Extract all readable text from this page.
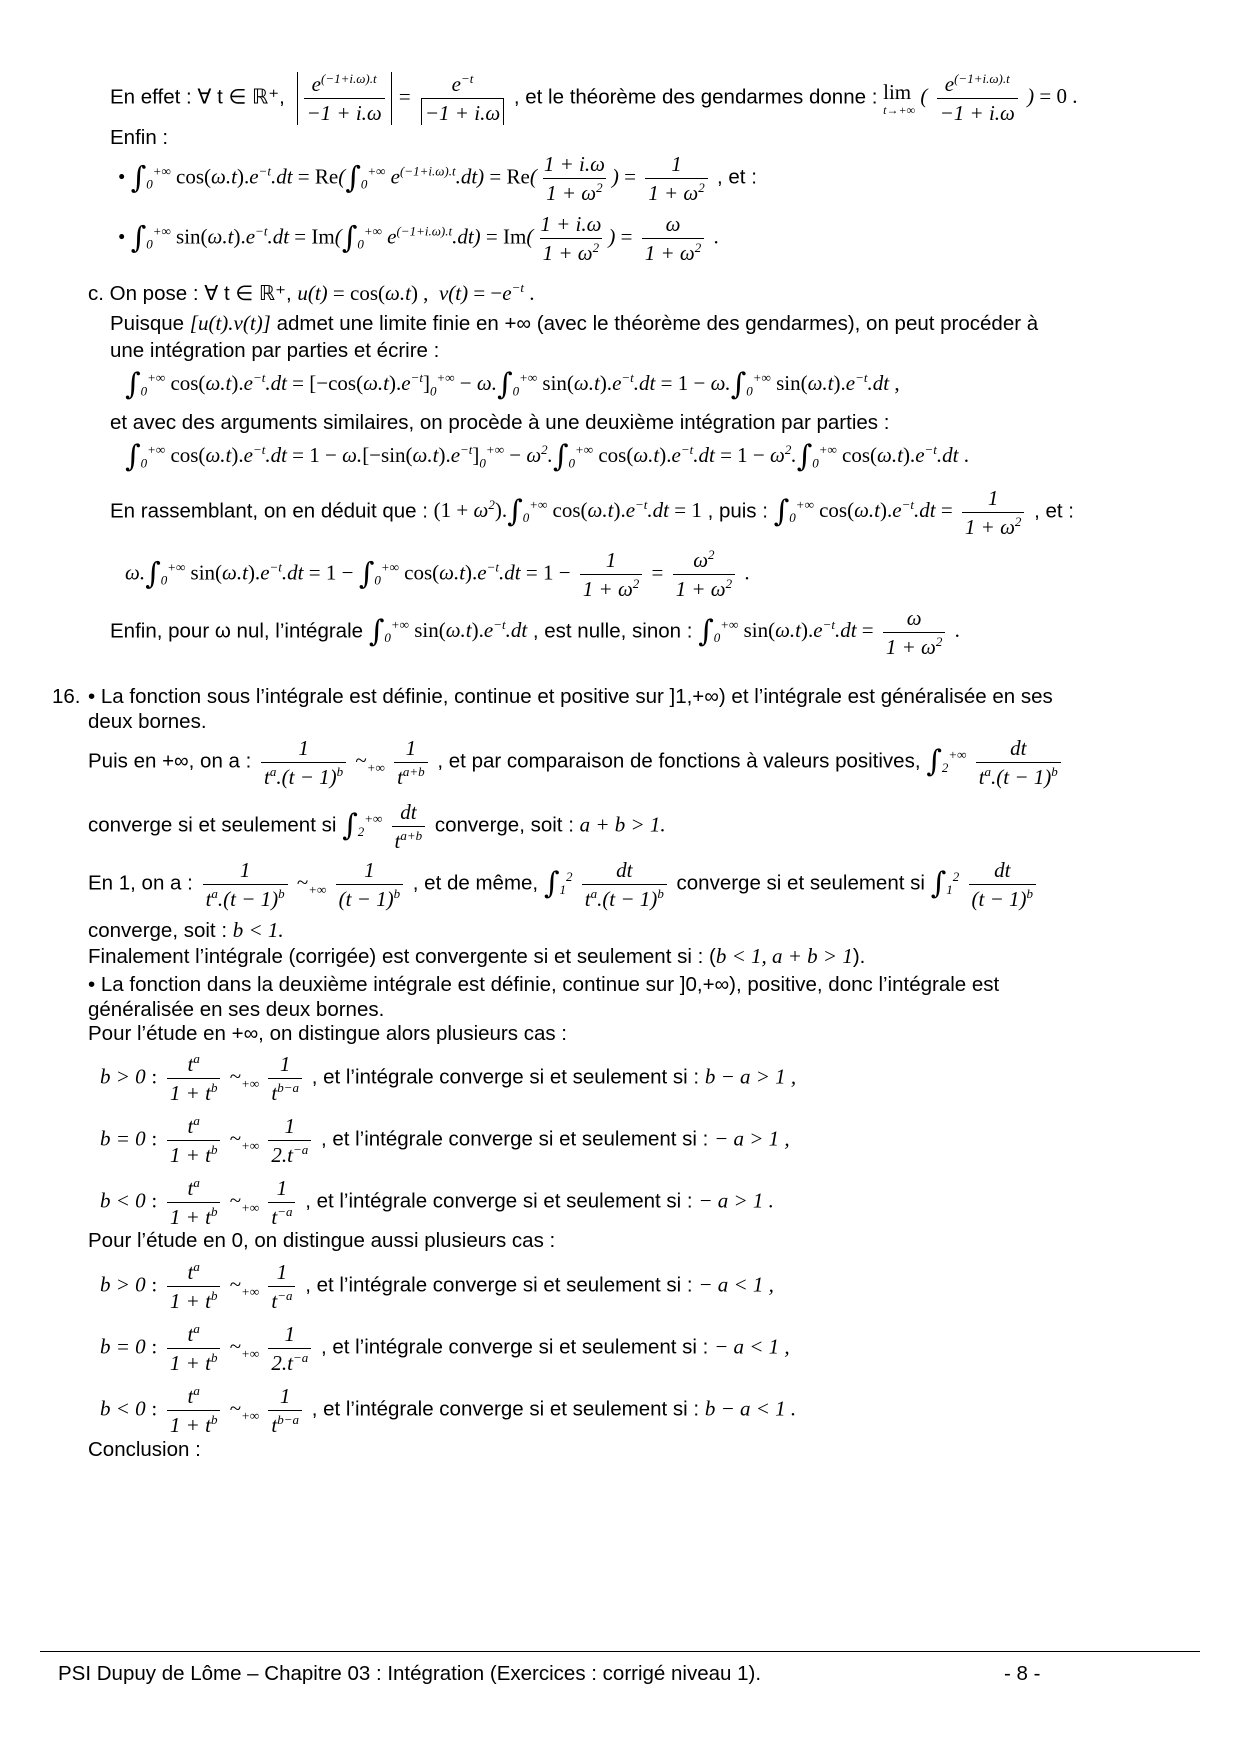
En effet : ∀ t ∈ ℝ⁺, $\frac{e^{(-1+i.\omega).t}}{-1 + i.\omega} = \frac{e^{-t}}{-1 + i.\omega}$ , et le théorème des gendarmes donne : lim
t→+∞
( $\frac{e^{(-1+i.\omega).t}}{-1 + i.\omega}$ ) = 0 .
Enfin :
• $\int_0^{+\infty}$ $\cos(\omega.t).e^{-t}.dt = Re(\int_0^{+\infty}$ $e^{(-1+i.\omega).t}.dt) = Re( \frac{1 + i.\omega}{1 + \omega^2}$ ) = $\frac{1}{1 + \omega^2}$ , et :
• $\int_0^{+\infty}$ $\sin(\omega.t).e^{-t}.dt = Im(\int_0^{+\infty}$ $e^{(-1+i.\omega).t}.dt) = Im( \frac{1 + i.\omega}{1 + \omega^2}$ ) = $\frac{\omega}{1 + \omega^2}$ .
c. On pose : ∀ t ∈ ℝ⁺, u(t) = cos(ω.t) ,  $v(t) = -e^{-t}$ .
Puisque [u(t).v(t)] admet une limite finie en +∞ (avec le théorème des gendarmes), on peut procéder à
une intégration par parties et écrire :
$\int_0^{+\infty}$ $\cos(\omega.t).e^{-t}.dt = [-\cos(\omega.t).e^{-t}]_0^{+\infty} - \omega.\int_0^{+\infty}$ $\sin(\omega.t).e^{-t}.dt = 1 - \omega.\int_0^{+\infty}$ $\sin(\omega.t).e^{-t}.dt$ ,
et avec des arguments similaires, on procède à une deuxième intégration par parties :
$\int_0^{+\infty}$ $\cos(\omega.t).e^{-t}.dt = 1 - \omega.[-\sin(\omega.t).e^{-t}]_0^{+\infty} - \omega^2.\int_0^{+\infty}$ $\cos(\omega.t).e^{-t}.dt = 1 - \omega^2.\int_0^{+\infty}$ $\cos(\omega.t).e^{-t}.dt$ .
En rassemblant, on en déduit que : $(1 + \omega^2).\int_0^{+\infty}$ $\cos(\omega.t).e^{-t}.dt = 1$ , puis : $\int_0^{+\infty}$ $\cos(\omega.t).e^{-t}.dt = \frac{1}{1 + \omega^2}$ , et :
$\omega.\int_0^{+\infty}$ $\sin(\omega.t).e^{-t}.dt = 1 - \int_0^{+\infty}$ $\cos(\omega.t).e^{-t}.dt = 1 - \frac{1}{1 + \omega^2} = \frac{\omega^2}{1 + \omega^2}$ .
Enfin, pour ω nul, l’intégrale $\int_0^{+\infty}$ $\sin(\omega.t).e^{-t}.dt$ , est nulle, sinon : $\int_0^{+\infty}$ $\sin(\omega.t).e^{-t}.dt = \frac{\omega}{1 + \omega^2}$ .
16. • La fonction sous l’intégrale est définie, continue et positive sur ]1,+∞) et l’intégrale est généralisée en ses
deux bornes.
Puis en +∞, on a : $\frac{1}{t^a.(t - 1)^b}$ $\sim_{+\infty} \frac{1}{t^{a+b}}$ , et par comparaison de fonctions à valeurs positives, $\int_2^{+\infty} \frac{dt}{t^a.(t - 1)^b}$
converge si et seulement si $\int_2^{+\infty} \frac{dt}{t^{a+b}}$ converge, soit : a + b > 1.
En 1, on a : $\frac{1}{t^a.(t - 1)^b}$ $\sim_{+\infty} \frac{1}{(t - 1)^b}$ , et de même, $\int_1^2 \frac{dt}{t^a.(t - 1)^b}$ converge si et seulement si $\int_1^2 \frac{dt}{(t - 1)^b}$
converge, soit : b < 1.
Finalement l’intégrale (corrigée) est convergente si et seulement si : (b < 1, a + b > 1).
• La fonction dans la deuxième intégrale est définie, continue sur ]0,+∞), positive, donc l’intégrale est
généralisée en ses deux bornes.
Pour l’étude en +∞, on distingue alors plusieurs cas :
b > 0 : $\frac{t^a}{1 + t^b}$ $\sim_{+\infty} \frac{1}{t^{b-a}}$ , et l’intégrale converge si et seulement si : b − a > 1 ,
b = 0 : $\frac{t^a}{1 + t^b}$ $\sim_{+\infty} \frac{1}{2.t^{-a}}$ , et l’intégrale converge si et seulement si : − a > 1 ,
b < 0 : $\frac{t^a}{1 + t^b}$ $\sim_{+\infty} \frac{1}{t^{-a}}$ , et l’intégrale converge si et seulement si : − a > 1 .
Pour l’étude en 0, on distingue aussi plusieurs cas :
b > 0 : $\frac{t^a}{1 + t^b}$ $\sim_{+\infty} \frac{1}{t^{-a}}$ , et l’intégrale converge si et seulement si : − a < 1 ,
b = 0 : $\frac{t^a}{1 + t^b}$ $\sim_{+\infty} \frac{1}{2.t^{-a}}$ , et l’intégrale converge si et seulement si : − a < 1 ,
b < 0 : $\frac{t^a}{1 + t^b}$ $\sim_{+\infty} \frac{1}{t^{b-a}}$ , et l’intégrale converge si et seulement si : b − a < 1 .
Conclusion :
PSI Dupuy de Lôme – Chapitre 03 : Intégration (Exercices : corrigé niveau 1).	- 8 -
